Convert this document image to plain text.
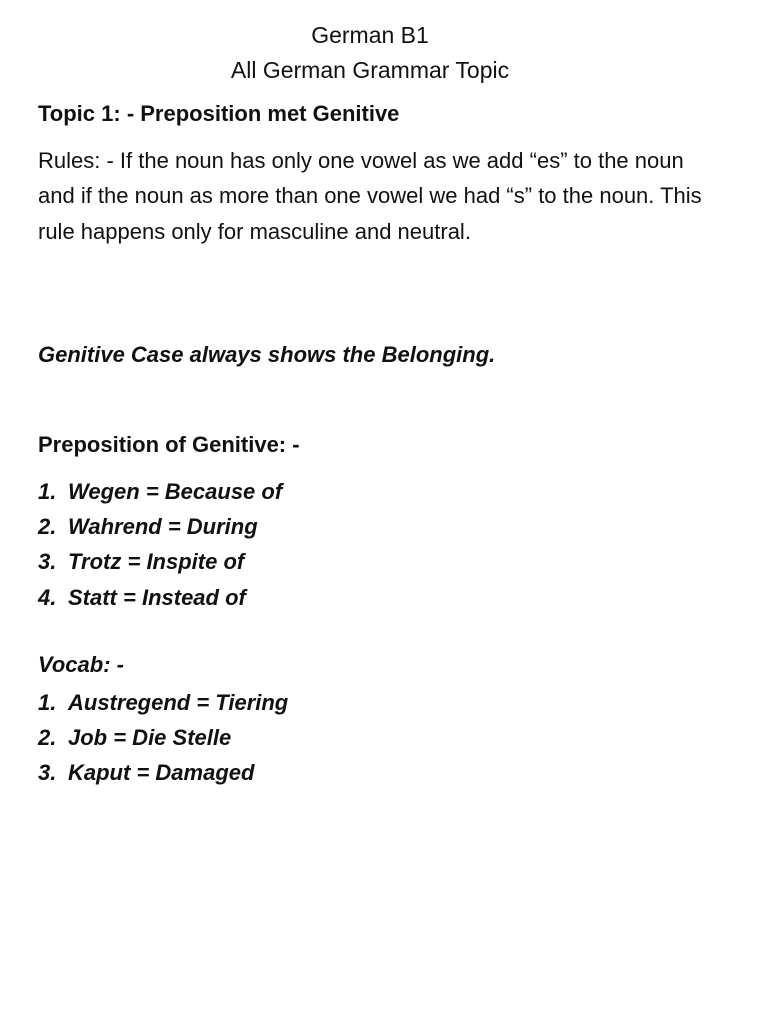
German B1
All German Grammar Topic
Topic 1: - Preposition met Genitive
Rules: - If the noun has only one vowel as we add “es” to the noun and if the noun as more than one vowel we had “s” to the noun. This rule happens only for masculine and neutral.
Genitive Case always shows the Belonging.
Preposition of Genitive: -
1. Wegen = Because of
2. Wahrend = During
3. Trotz = Inspite of
4. Statt = Instead of
Vocab: -
1. Austregend = Tiering
2. Job = Die Stelle
3. Kaput = Damaged
